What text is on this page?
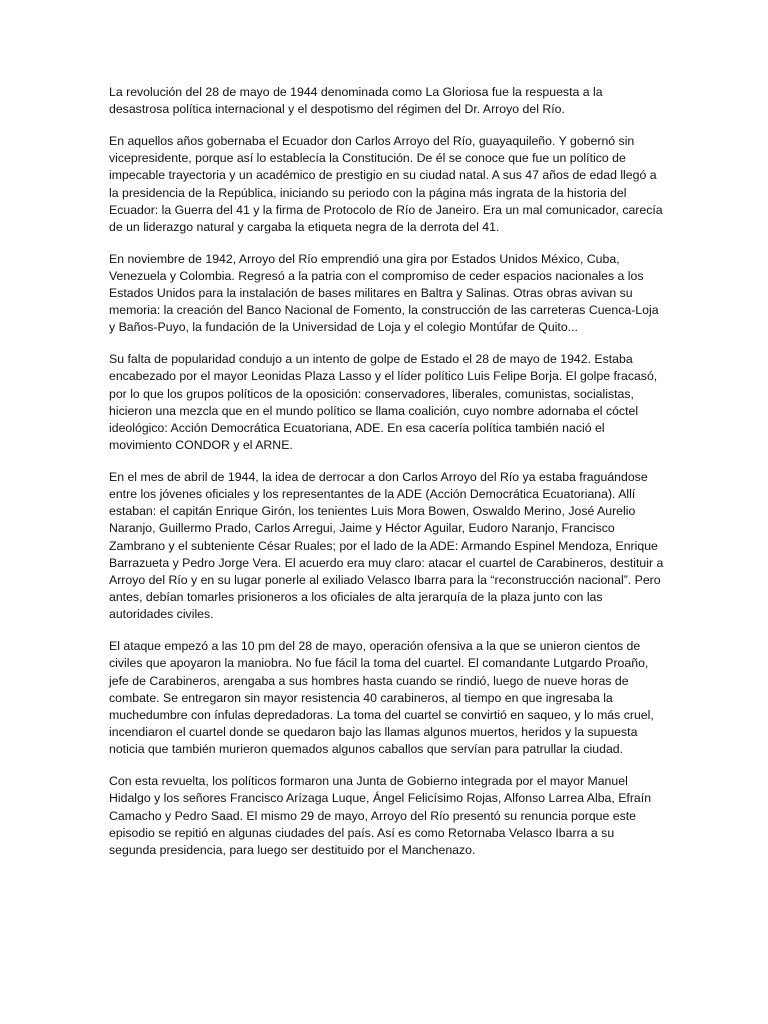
La revolución del 28 de mayo de 1944 denominada como La Gloriosa fue la respuesta a la desastrosa política internacional y el despotismo del régimen del Dr. Arroyo del Río.

En aquellos años gobernaba el Ecuador don Carlos Arroyo del Río, guayaquileño. Y gobernó sin vicepresidente, porque así lo establecía la Constitución. De él se conoce que fue un político de impecable trayectoria y un académico de prestigio en su ciudad natal. A sus 47 años de edad llegó a la presidencia de la República, iniciando su periodo con la página más ingrata de la historia del Ecuador: la Guerra del 41 y la firma de Protocolo de Río de Janeiro. Era un mal comunicador, carecía de un liderazgo natural y cargaba la etiqueta negra de la derrota del 41.

En noviembre de 1942, Arroyo del Río emprendió una gira por Estados Unidos México, Cuba, Venezuela y Colombia. Regresó a la patria con el compromiso de ceder espacios nacionales a los Estados Unidos para la instalación de bases militares en Baltra y Salinas. Otras obras avivan su memoria: la creación del Banco Nacional de Fomento, la construcción de las carreteras Cuenca-Loja y Baños-Puyo, la fundación de la Universidad de Loja y el colegio Montúfar de Quito...

Su falta de popularidad condujo a un intento de golpe de Estado el 28 de mayo de 1942. Estaba encabezado por el mayor Leonidas Plaza Lasso y el líder político Luis Felipe Borja. El golpe fracasó, por lo que los grupos políticos de la oposición: conservadores, liberales, comunistas, socialistas, hicieron una mezcla que en el mundo político se llama coalición, cuyo nombre adornaba el cóctel ideológico: Acción Democrática Ecuatoriana, ADE. En esa cacería política también nació el movimiento CONDOR y el ARNE.

En el mes de abril de 1944, la idea de derrocar a don Carlos Arroyo del Río ya estaba fraguándose entre los jóvenes oficiales y los representantes de la ADE (Acción Democrática Ecuatoriana). Allí estaban: el capitán Enrique Girón, los tenientes Luis Mora Bowen, Oswaldo Merino, José Aurelio Naranjo, Guillermo Prado, Carlos Arregui, Jaime y Héctor Aguilar, Eudoro Naranjo, Francisco Zambrano y el subteniente César Ruales; por el lado de la ADE: Armando Espinel Mendoza, Enrique Barrazueta y Pedro Jorge Vera. El acuerdo era muy claro: atacar el cuartel de Carabineros, destituir a Arroyo del Río y en su lugar ponerle al exiliado Velasco Ibarra para la “reconstrucción nacional”. Pero antes, debían tomarles prisioneros a los oficiales de alta jerarquía de la plaza junto con las autoridades civiles.

El ataque empezó a las 10 pm del 28 de mayo, operación ofensiva a la que se unieron cientos de civiles que apoyaron la maniobra. No fue fácil la toma del cuartel. El comandante Lutgardo Proaño, jefe de Carabineros, arengaba a sus hombres hasta cuando se rindió, luego de nueve horas de combate. Se entregaron sin mayor resistencia 40 carabineros, al tiempo en que ingresaba la muchedumbre con ínfulas depredadoras. La toma del cuartel se convirtió en saqueo, y lo más cruel, incendiaron el cuartel donde se quedaron bajo las llamas algunos muertos, heridos y la supuesta noticia que también murieron quemados algunos caballos que servían para patrullar la ciudad.

Con esta revuelta, los políticos formaron una Junta de Gobierno integrada por el mayor Manuel Hidalgo y los señores Francisco Arízaga Luque, Ángel Felicísimo Rojas, Alfonso Larrea Alba, Efraín Camacho y Pedro Saad. El mismo 29 de mayo, Arroyo del Río presentó su renuncia porque este episodio se repitió en algunas ciudades del país. Así es como Retornaba Velasco Ibarra a su segunda presidencia, para luego ser destituido por el Manchenazo.
